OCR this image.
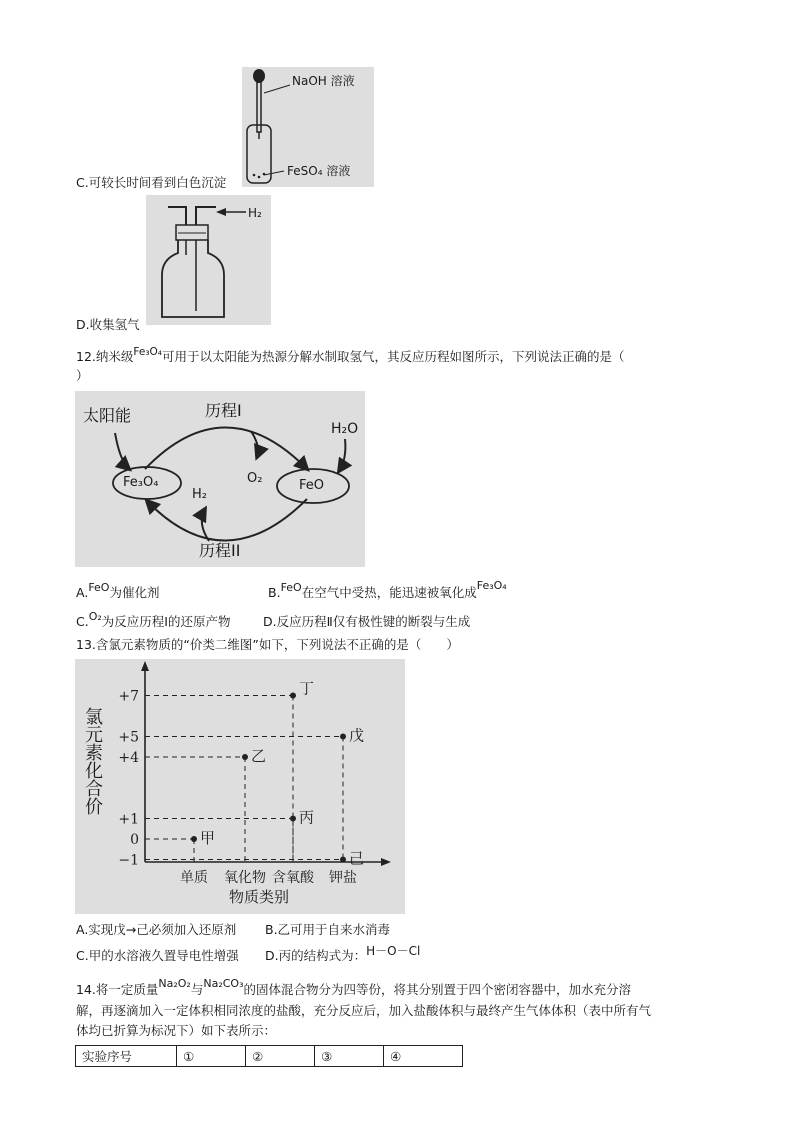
NaOH 溶液
FeSO₄ 溶液
C.可较长时间看到白色沉淀
H₂
D.收集氢气
12.纳米级$^{Fe_3O_4}$可用于以太阳能为热源分解水制取氢气，其反应历程如图所示，下列说法正确的是（
）
太阳能	历程I
Fe₃O₄	O₂	FeO
H₂O
H₂
历程II
A.FeO为催化剂	B.FeO在空气中受热，能迅速被氧化成Fe₃O₄
C.O₂为反应历程Ⅰ的还原产物	D.反应历程Ⅱ仅有极性键的断裂与生成
13.含氯元素物质的“价类二维图”如下，下列说法不正确的是（　　）
+7
+5
+4
+1
0
−1
单质 氧化物 含氧酸 钾盐
甲
乙
丙
丁
戊
己
氯元素化合价
物质类别
A.实现戊→己必须加入还原剂 B.乙可用于自来水消毒
C.甲的水溶液久置导电性增强 D.丙的结构式为：H－O－Cl
14.将一定质量Na₂O₂与Na₂CO₃的固体混合物分为四等份，将其分别置于四个密闭容器中，加水充分溶
解，再逐滴加入一定体积相同浓度的盐酸，充分反应后，加入盐酸体积与最终产生气体体积（表中所有气
体均已折算为标况下）如下表所示：
实验序号	①	②	③	④
